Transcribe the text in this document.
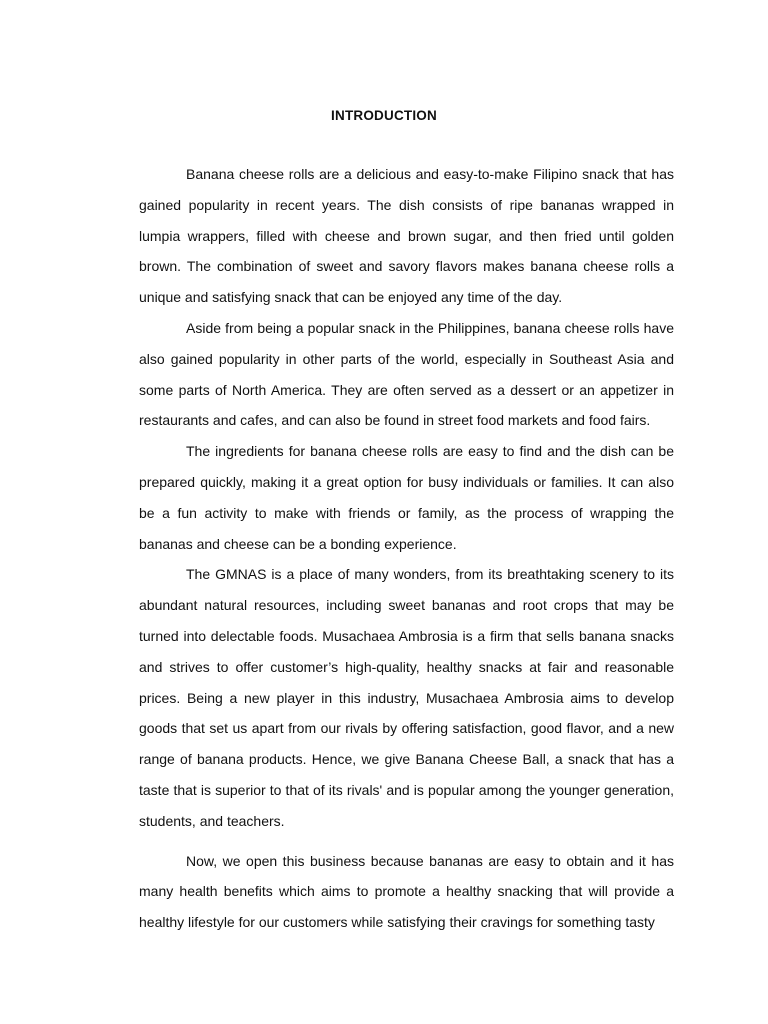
INTRODUCTION

Banana cheese rolls are a delicious and easy-to-make Filipino snack that has gained popularity in recent years. The dish consists of ripe bananas wrapped in lumpia wrappers, filled with cheese and brown sugar, and then fried until golden brown. The combination of sweet and savory flavors makes banana cheese rolls a unique and satisfying snack that can be enjoyed any time of the day.

Aside from being a popular snack in the Philippines, banana cheese rolls have also gained popularity in other parts of the world, especially in Southeast Asia and some parts of North America. They are often served as a dessert or an appetizer in restaurants and cafes, and can also be found in street food markets and food fairs.

The ingredients for banana cheese rolls are easy to find and the dish can be prepared quickly, making it a great option for busy individuals or families. It can also be a fun activity to make with friends or family, as the process of wrapping the bananas and cheese can be a bonding experience.

The GMNAS is a place of many wonders, from its breathtaking scenery to its abundant natural resources, including sweet bananas and root crops that may be turned into delectable foods. Musachaea Ambrosia is a firm that sells banana snacks and strives to offer customer’s high-quality, healthy snacks at fair and reasonable prices. Being a new player in this industry, Musachaea Ambrosia aims to develop goods that set us apart from our rivals by offering satisfaction, good flavor, and a new range of banana products. Hence, we give Banana Cheese Ball, a snack that has a taste that is superior to that of its rivals' and is popular among the younger generation, students, and teachers.

Now, we open this business because bananas are easy to obtain and it has many health benefits which aims to promote a healthy snacking that will provide a healthy lifestyle for our customers while satisfying their cravings for something tasty
